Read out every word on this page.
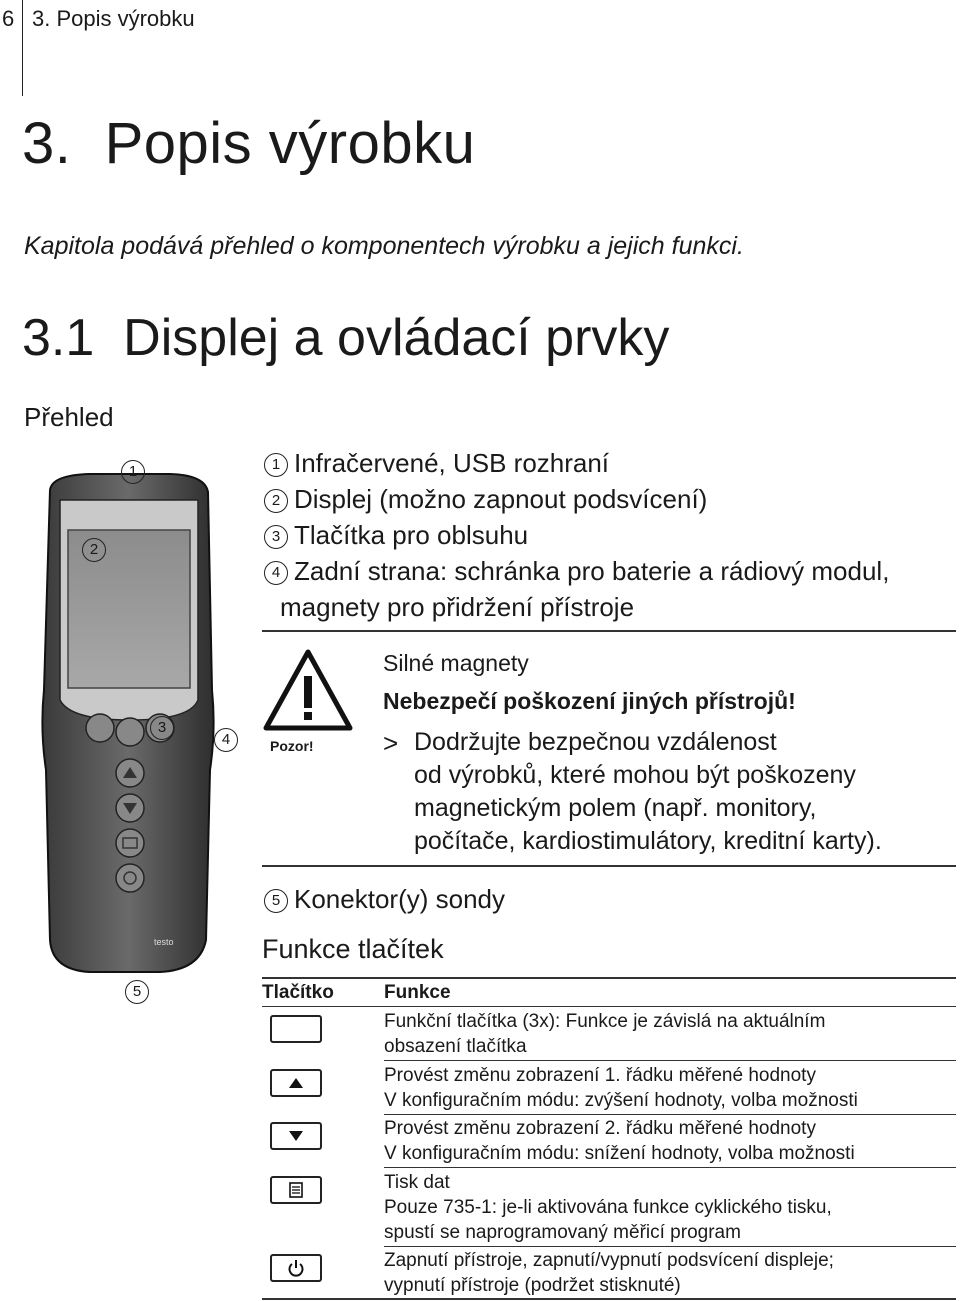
6 3. Popis výrobku
3.  Popis výrobku
Kapitola podává přehled o komponentech výrobku a jejich funkci.
3.1  Displej a ovládací prvky
Přehled
testo
1
2
3
4
5
1 Infračervené, USB rozhraní
2 Displej (možno zapnout podsvícení)
3 Tlačítka pro oblsuhu
4 Zadní strana: schránka pro baterie a rádiový modul,
magnety pro přidržení přístroje
Pozor!
Silné magnety
Nebezpečí poškození jiných přístrojů!
> Dodržujte bezpečnou vzdálenost
od výrobků, které mohou být poškozeny
magnetickým polem (např. monitory,
počítače, kardiostimulátory, kreditní karty).
5 Konektor(y) sondy
Funkce tlačítek
Tlačítko	Funkce
Funkční tlačítka (3x): Funkce je závislá na aktuálním
obsazení tlačítka
Provést změnu zobrazení 1. řádku měřené hodnoty
V konfiguračním módu: zvýšení hodnoty, volba možnosti
Provést změnu zobrazení 2. řádku měřené hodnoty
V konfiguračním módu: snížení hodnoty, volba možnosti
Tisk dat
Pouze 735-1: je-li aktivována funkce cyklického tisku,
spustí se naprogramovaný měřicí program
Zapnutí přístroje, zapnutí/vypnutí podsvícení displeje;
vypnutí přístroje (podržet stisknuté)
